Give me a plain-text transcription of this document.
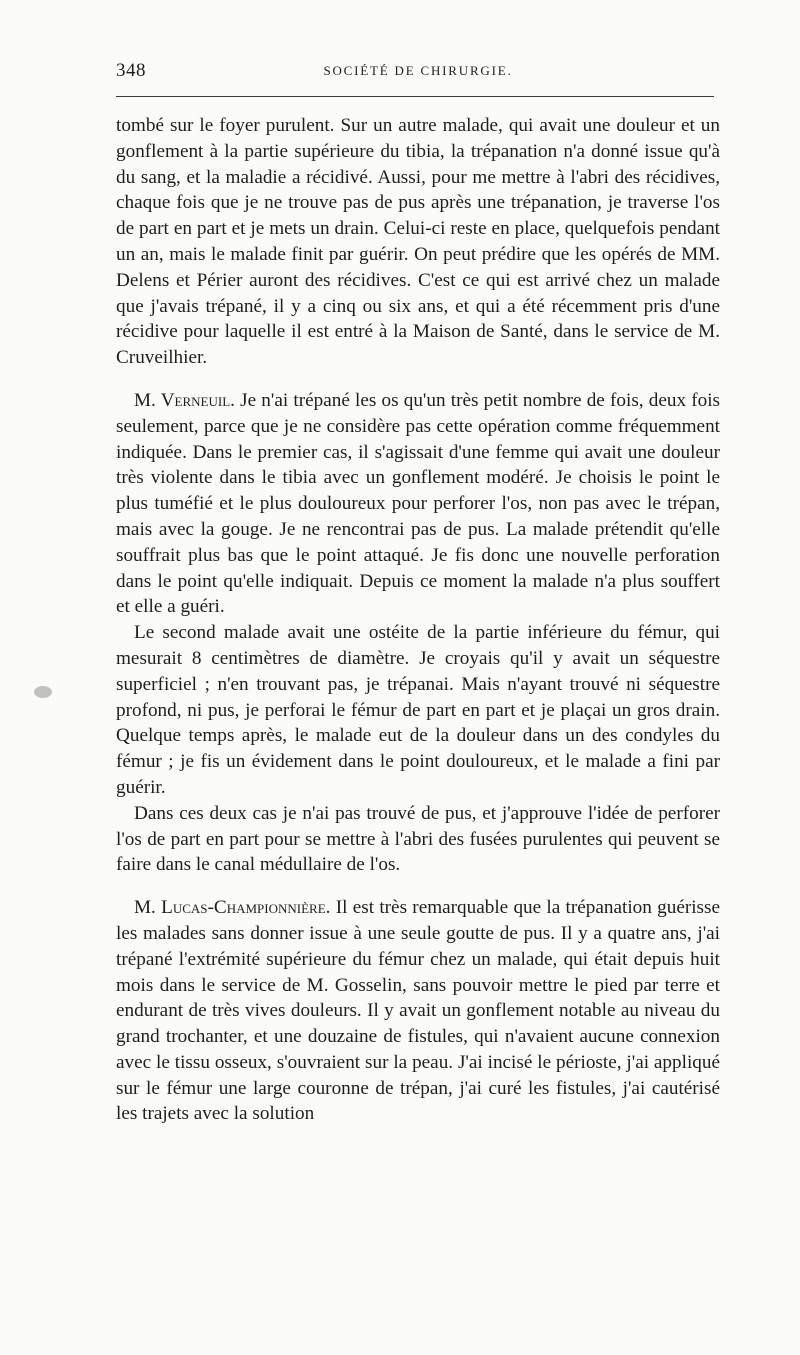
348	SOCIÉTÉ DE CHIRURGIE.

tombé sur le foyer purulent. Sur un autre malade, qui avait une douleur et un gonflement à la partie supérieure du tibia, la trépanation n'a donné issue qu'à du sang, et la maladie a récidivé. Aussi, pour me mettre à l'abri des récidives, chaque fois que je ne trouve pas de pus après une trépanation, je traverse l'os de part en part et je mets un drain. Celui-ci reste en place, quelquefois pendant un an, mais le malade finit par guérir. On peut prédire que les opérés de MM. Delens et Périer auront des récidives. C'est ce qui est arrivé chez un malade que j'avais trépané, il y a cinq ou six ans, et qui a été récemment pris d'une récidive pour laquelle il est entré à la Maison de Santé, dans le service de M. Cruveilhier.

M. Verneuil. Je n'ai trépané les os qu'un très petit nombre de fois, deux fois seulement, parce que je ne considère pas cette opération comme fréquemment indiquée. Dans le premier cas, il s'agissait d'une femme qui avait une douleur très violente dans le tibia avec un gonflement modéré. Je choisis le point le plus tuméfié et le plus douloureux pour perforer l'os, non pas avec le trépan, mais avec la gouge. Je ne rencontrai pas de pus. La malade prétendit qu'elle souffrait plus bas que le point attaqué. Je fis donc une nouvelle perforation dans le point qu'elle indiquait. Depuis ce moment la malade n'a plus souffert et elle a guéri.

Le second malade avait une ostéite de la partie inférieure du fémur, qui mesurait 8 centimètres de diamètre. Je croyais qu'il y avait un séquestre superficiel ; n'en trouvant pas, je trépanai. Mais n'ayant trouvé ni séquestre profond, ni pus, je perforai le fémur de part en part et je plaçai un gros drain. Quelque temps après, le malade eut de la douleur dans un des condyles du fémur ; je fis un évidement dans le point douloureux, et le malade a fini par guérir.

Dans ces deux cas je n'ai pas trouvé de pus, et j'approuve l'idée de perforer l'os de part en part pour se mettre à l'abri des fusées purulentes qui peuvent se faire dans le canal médullaire de l'os.

M. Lucas-Championnière. Il est très remarquable que la trépanation guérisse les malades sans donner issue à une seule goutte de pus. Il y a quatre ans, j'ai trépané l'extrémité supérieure du fémur chez un malade, qui était depuis huit mois dans le service de M. Gosselin, sans pouvoir mettre le pied par terre et endurant de très vives douleurs. Il y avait un gonflement notable au niveau du grand trochanter, et une douzaine de fistules, qui n'avaient aucune connexion avec le tissu osseux, s'ouvraient sur la peau. J'ai incisé le périoste, j'ai appliqué sur le fémur une large couronne de trépan, j'ai curé les fistules, j'ai cautérisé les trajets avec la solution
